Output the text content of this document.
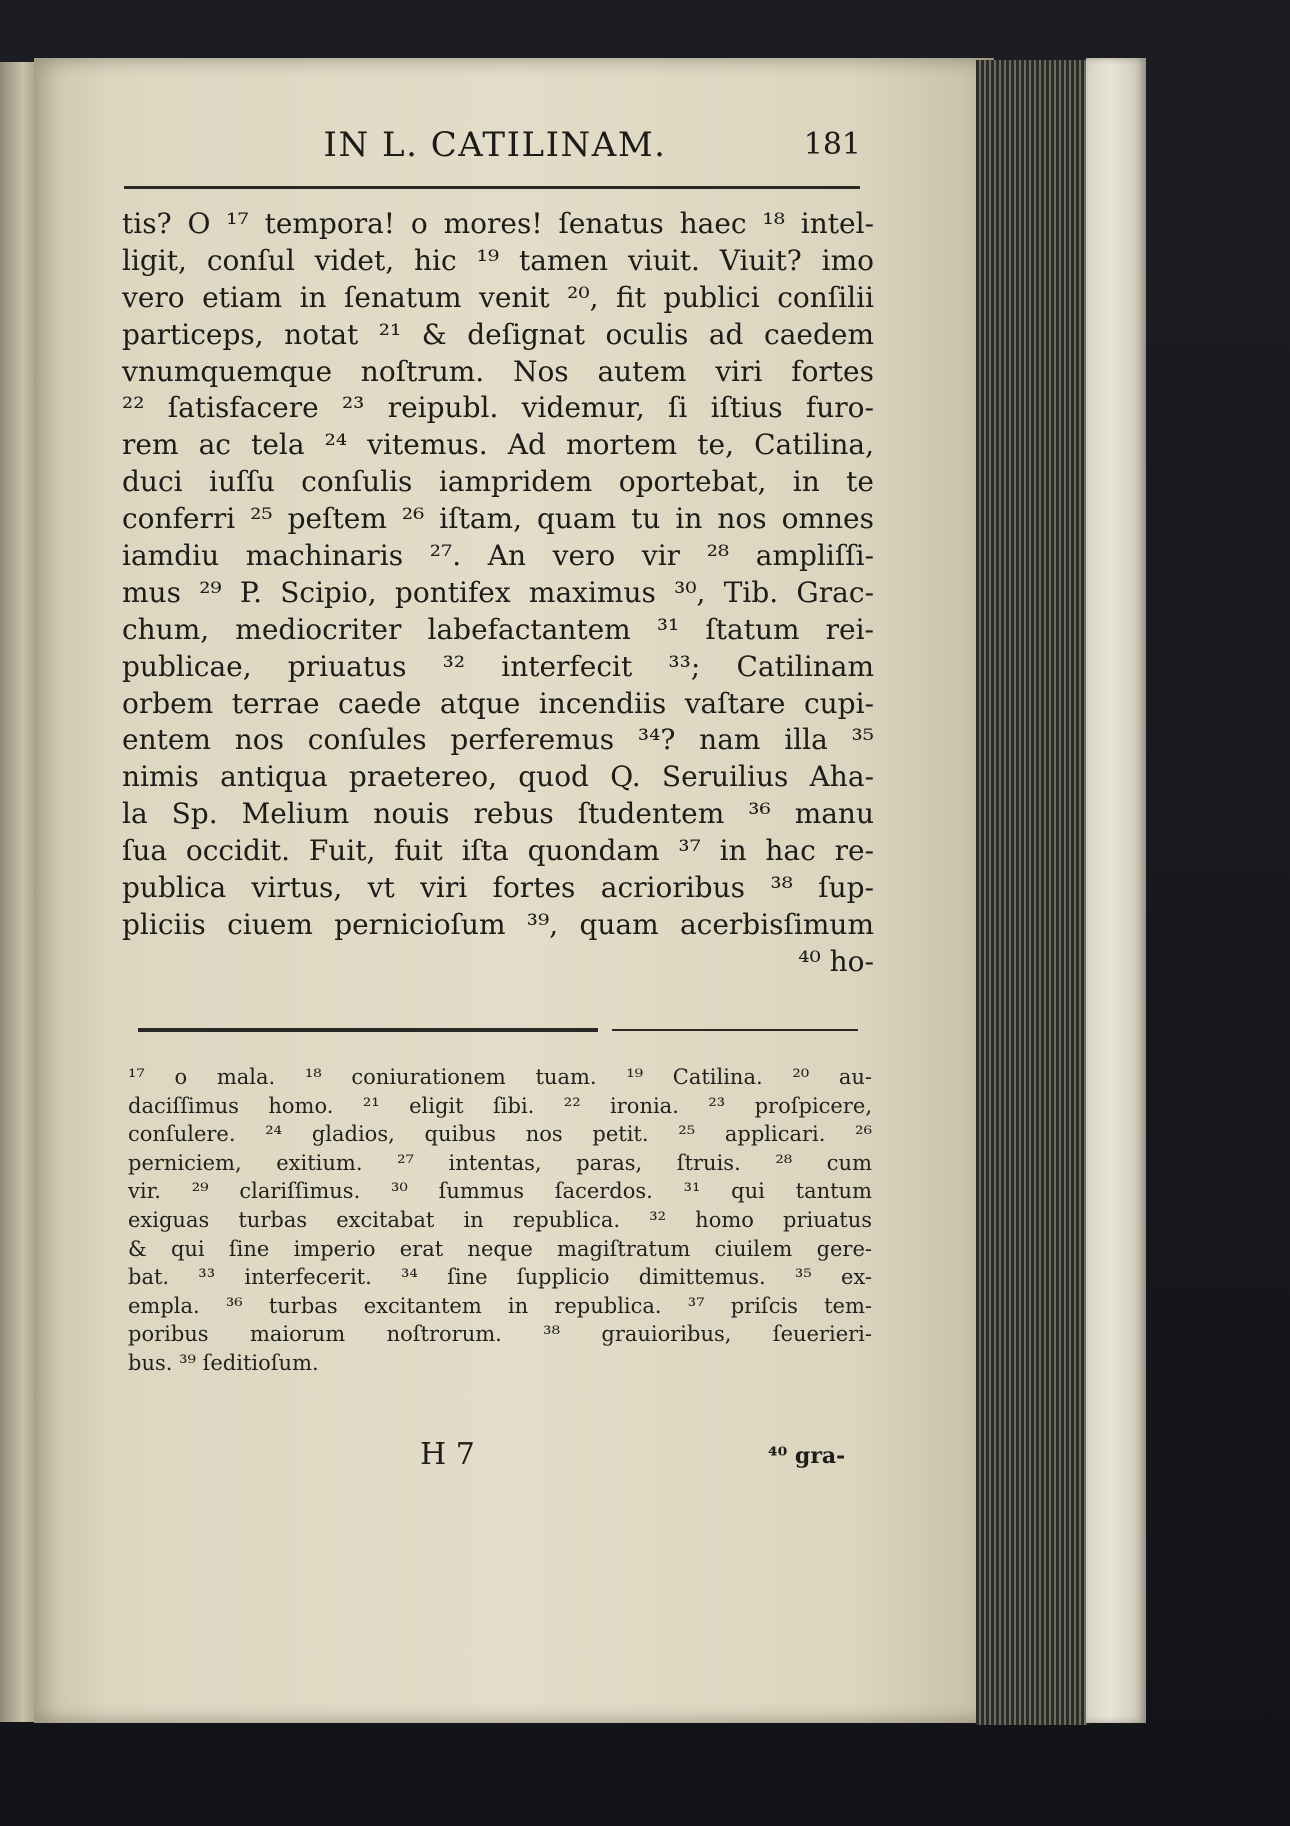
IN L. CATILINAM.	181
tis? O ¹⁷ tempora! o mores! ſenatus haec ¹⁸ intel-
ligit, conſul videt, hic ¹⁹ tamen viuit. Viuit? imo
vero etiam in ſenatum venit ²⁰, fit publici conſilii
particeps, notat ²¹ & deſignat oculis ad caedem
vnumquemque noſtrum. Nos autem viri fortes
²² ſatisfacere ²³ reipubl. videmur, ſi iſtius furo-
rem ac tela ²⁴ vitemus. Ad mortem te, Catilina,
duci iuſſu conſulis iampridem oportebat, in te
conferri ²⁵ peſtem ²⁶ iſtam, quam tu in nos omnes
iamdiu machinaris ²⁷. An vero vir ²⁸ ampliſſi-
mus ²⁹ P. Scipio, pontifex maximus ³⁰, Tib. Grac-
chum, mediocriter labefactantem ³¹ ſtatum rei-
publicae, priuatus ³² interfecit ³³; Catilinam
orbem terrae caede atque incendiis vaſtare cupi-
entem nos conſules perferemus ³⁴? nam illa ³⁵
nimis antiqua praetereo, quod Q. Seruilius Aha-
la Sp. Melium nouis rebus ſtudentem ³⁶ manu
ſua occidit. Fuit, fuit iſta quondam ³⁷ in hac re-
publica virtus, vt viri fortes acrioribus ³⁸ ſup-
pliciis ciuem pernicioſum ³⁹, quam acerbisſimum
⁴⁰ ho-
¹⁷ o mala. ¹⁸ coniurationem tuam. ¹⁹ Catilina. ²⁰ au-
daciſſimus homo. ²¹ eligit ſibi. ²² ironia. ²³ proſpicere,
conſulere. ²⁴ gladios, quibus nos petit. ²⁵ applicari. ²⁶
perniciem, exitium. ²⁷ intentas, paras, ſtruis. ²⁸ cum
vir. ²⁹ clariſſimus. ³⁰ ſummus ſacerdos. ³¹ qui tantum
exiguas turbas excitabat in republica. ³² homo priuatus
& qui ſine imperio erat neque magiſtratum ciuilem gere-
bat. ³³ interfecerit. ³⁴ ſine ſupplicio dimittemus. ³⁵ ex-
empla. ³⁶ turbas excitantem in republica. ³⁷ priſcis tem-
poribus maiorum noſtrorum. ³⁸ grauioribus, ſeuerieri-
bus. ³⁹ ſeditioſum.
H 7	⁴⁰ gra-
